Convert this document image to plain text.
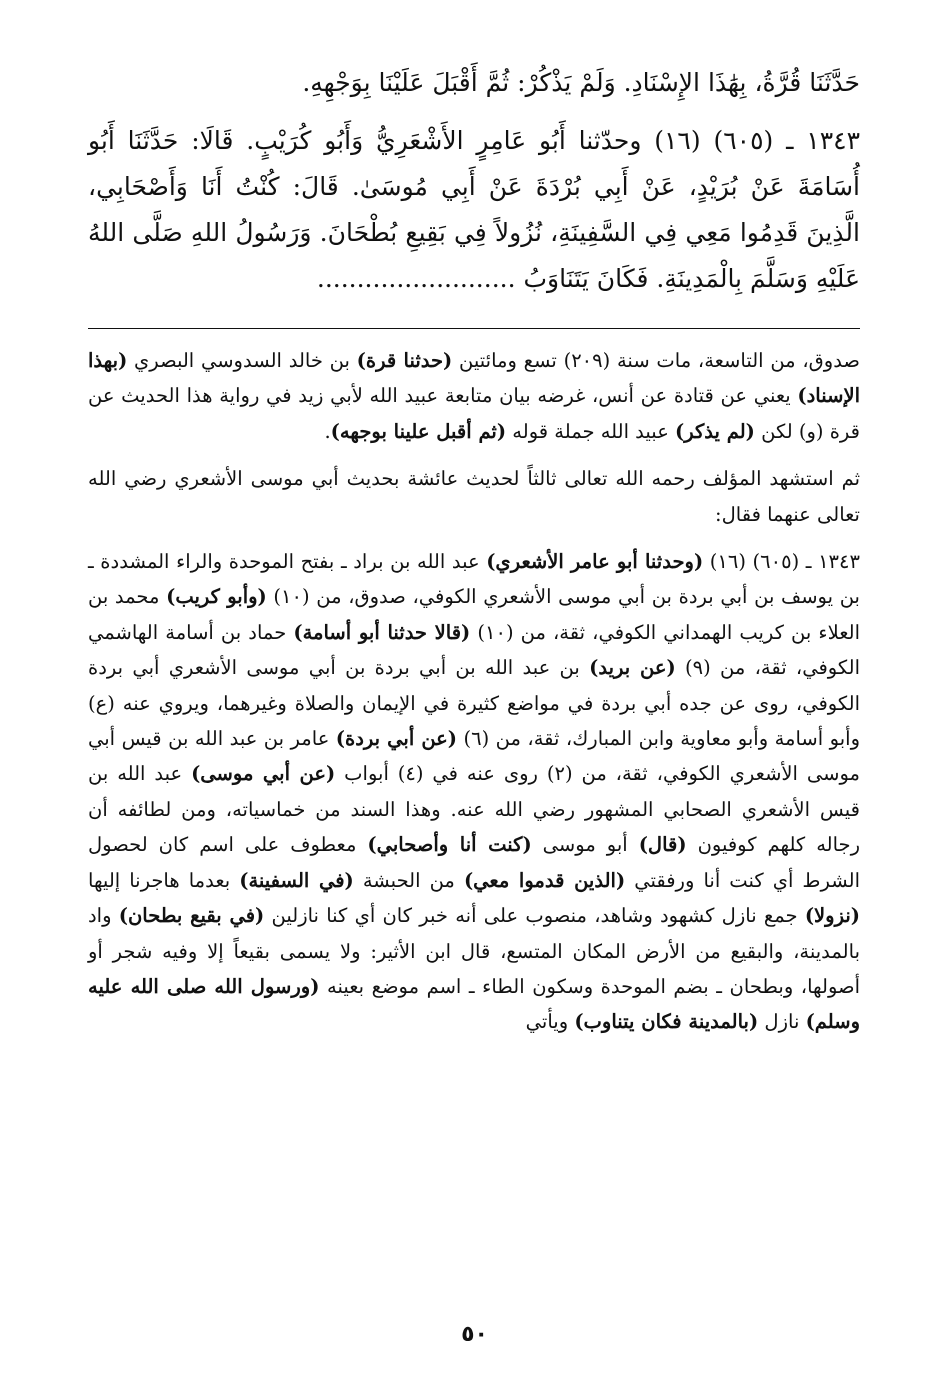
حَدَّثَنَا قُرَّةُ، بِهَٰذَا الإِسْنَادِ. وَلَمْ يَذْكُرْ: ثُمَّ أَقْبَلَ عَلَيْنَا بِوَجْهِهِ.

١٣٤٣ ـ (٦٠٥) (١٦) وحدّثنا أَبُو عَامِرٍ الأَشْعَرِيُّ وَأَبُو كُرَيْبٍ. قَالَا: حَدَّثَنَا أَبُو أُسَامَةَ عَنْ بُرَيْدٍ، عَنْ أَبِي بُرْدَةَ عَنْ أَبِي مُوسَىٰ. قَالَ: كُنْتُ أَنَا وَأَصْحَابِي، الَّذِينَ قَدِمُوا مَعِي فِي السَّفِينَةِ، نُزُولاً فِي بَقِيعِ بُطْحَانَ. وَرَسُولُ اللهِ صَلَّى اللهُ عَلَيْهِ وَسَلَّمَ بِالْمَدِينَةِ. فَكَانَ يَتَنَاوَبُ .........................

صدوق، من التاسعة، مات سنة (٢٠٩) تسع ومائتين (حدثنا قرة) بن خالد السدوسي البصري (بهذا الإسناد) يعني عن قتادة عن أنس، غرضه بيان متابعة عبيد الله لأبي زيد في رواية هذا الحديث عن قرة (و) لكن (لم يذكر) عبيد الله جملة قوله (ثم أقبل علينا بوجهه).

ثم استشهد المؤلف رحمه الله تعالى ثالثاً لحديث عائشة بحديث أبي موسى الأشعري رضي الله تعالى عنهما فقال:

١٣٤٣ ـ (٦٠٥) (١٦) (وحدثنا أبو عامر الأشعري) عبد الله بن براد ـ بفتح الموحدة والراء المشددة ـ بن يوسف بن أبي بردة بن أبي موسى الأشعري الكوفي، صدوق، من (١٠) (وأبو كريب) محمد بن العلاء بن كريب الهمداني الكوفي، ثقة، من (١٠) (قالا حدثنا أبو أسامة) حماد بن أسامة الهاشمي الكوفي، ثقة، من (٩) (عن بريد) بن عبد الله بن أبي بردة بن أبي موسى الأشعري أبي بردة الكوفي، روى عن جده أبي بردة في مواضع كثيرة في الإيمان والصلاة وغيرهما، ويروي عنه (ع) وأبو أسامة وأبو معاوية وابن المبارك، ثقة، من (٦) (عن أبي بردة) عامر بن عبد الله بن قيس أبي موسى الأشعري الكوفي، ثقة، من (٢) روى عنه في (٤) أبواب (عن أبي موسى) عبد الله بن قيس الأشعري الصحابي المشهور رضي الله عنه. وهذا السند من خماسياته، ومن لطائفه أن رجاله كلهم كوفيون (قال) أبو موسى (كنت أنا وأصحابي) معطوف على اسم كان لحصول الشرط أي كنت أنا ورفقتي (الذين قدموا معي) من الحبشة (في السفينة) بعدما هاجرنا إليها (نزولا) جمع نازل كشهود وشاهد، منصوب على أنه خبر كان أي كنا نازلين (في بقيع بطحان) واد بالمدينة، والبقيع من الأرض المكان المتسع، قال ابن الأثير: ولا يسمى بقيعاً إلا وفيه شجر أو أصولها، وبطحان ـ بضم الموحدة وسكون الطاء ـ اسم موضع بعينه (ورسول الله صلى الله عليه وسلم) نازل (بالمدينة فكان يتناوب) ويأتي

٥٠
